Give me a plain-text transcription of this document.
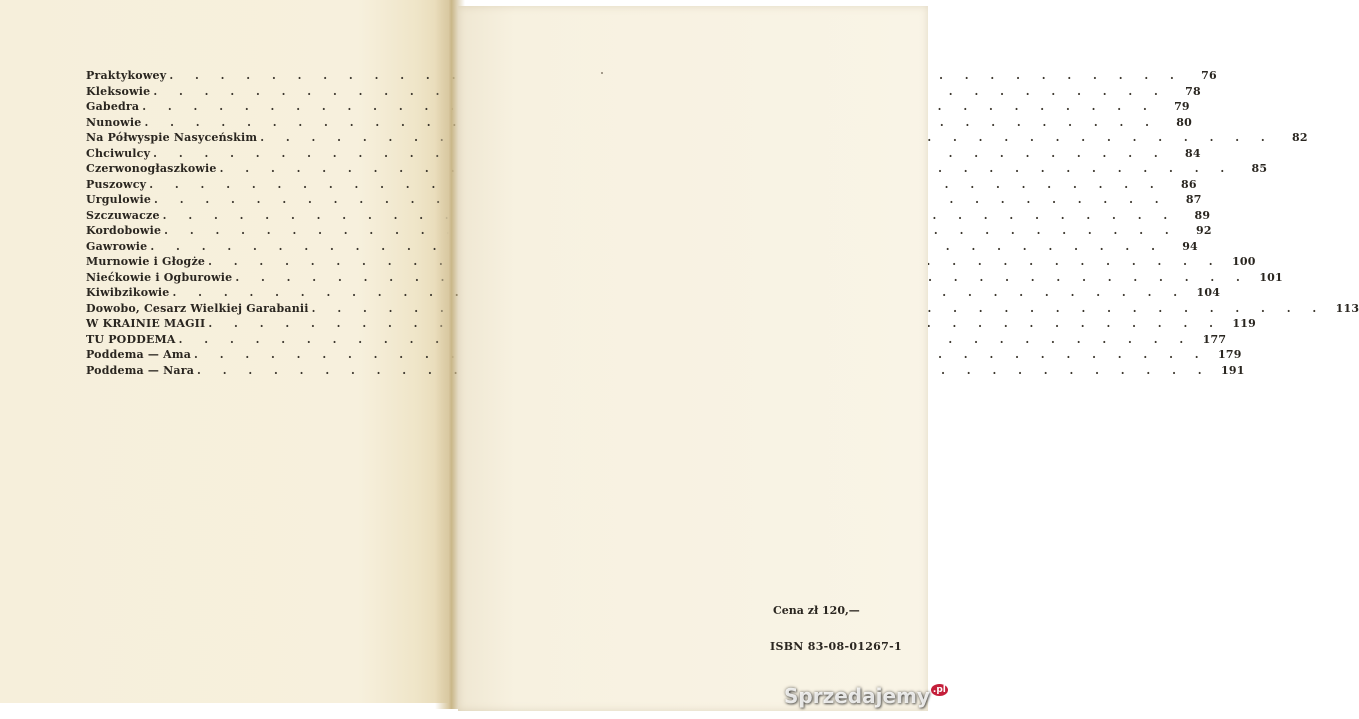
Praktykowey . . .	76
Kleksowie . . .	78
Gabedra . . .	79
Nunowie . . .	80
Na Półwyspie Nasyceńskim . . .	82
Chciwulcy . . .	84
Czerwonogłaszkowie . . .	85
Puszowcy . . .	86
Urgulowie . . .	87
Szczuwacze . . .	89
Kordobowie . . .	92
Gawrowie . . .	94
Murnowie i Głogże . . .	100
Niećkowie i Ogburowie . . .	101
Kiwibzikowie . . .	104
Dowobo, Cesarz Wielkiej Garabanii . . .	113
W KRAINIE MAGII . . .	119
TU PODDEMA . . .	177
Poddema — Ama . . .	179
Poddema — Nara . . .	191
Cena zł 120,—
ISBN 83-08-01267-1
Sprzedajemy .pl
